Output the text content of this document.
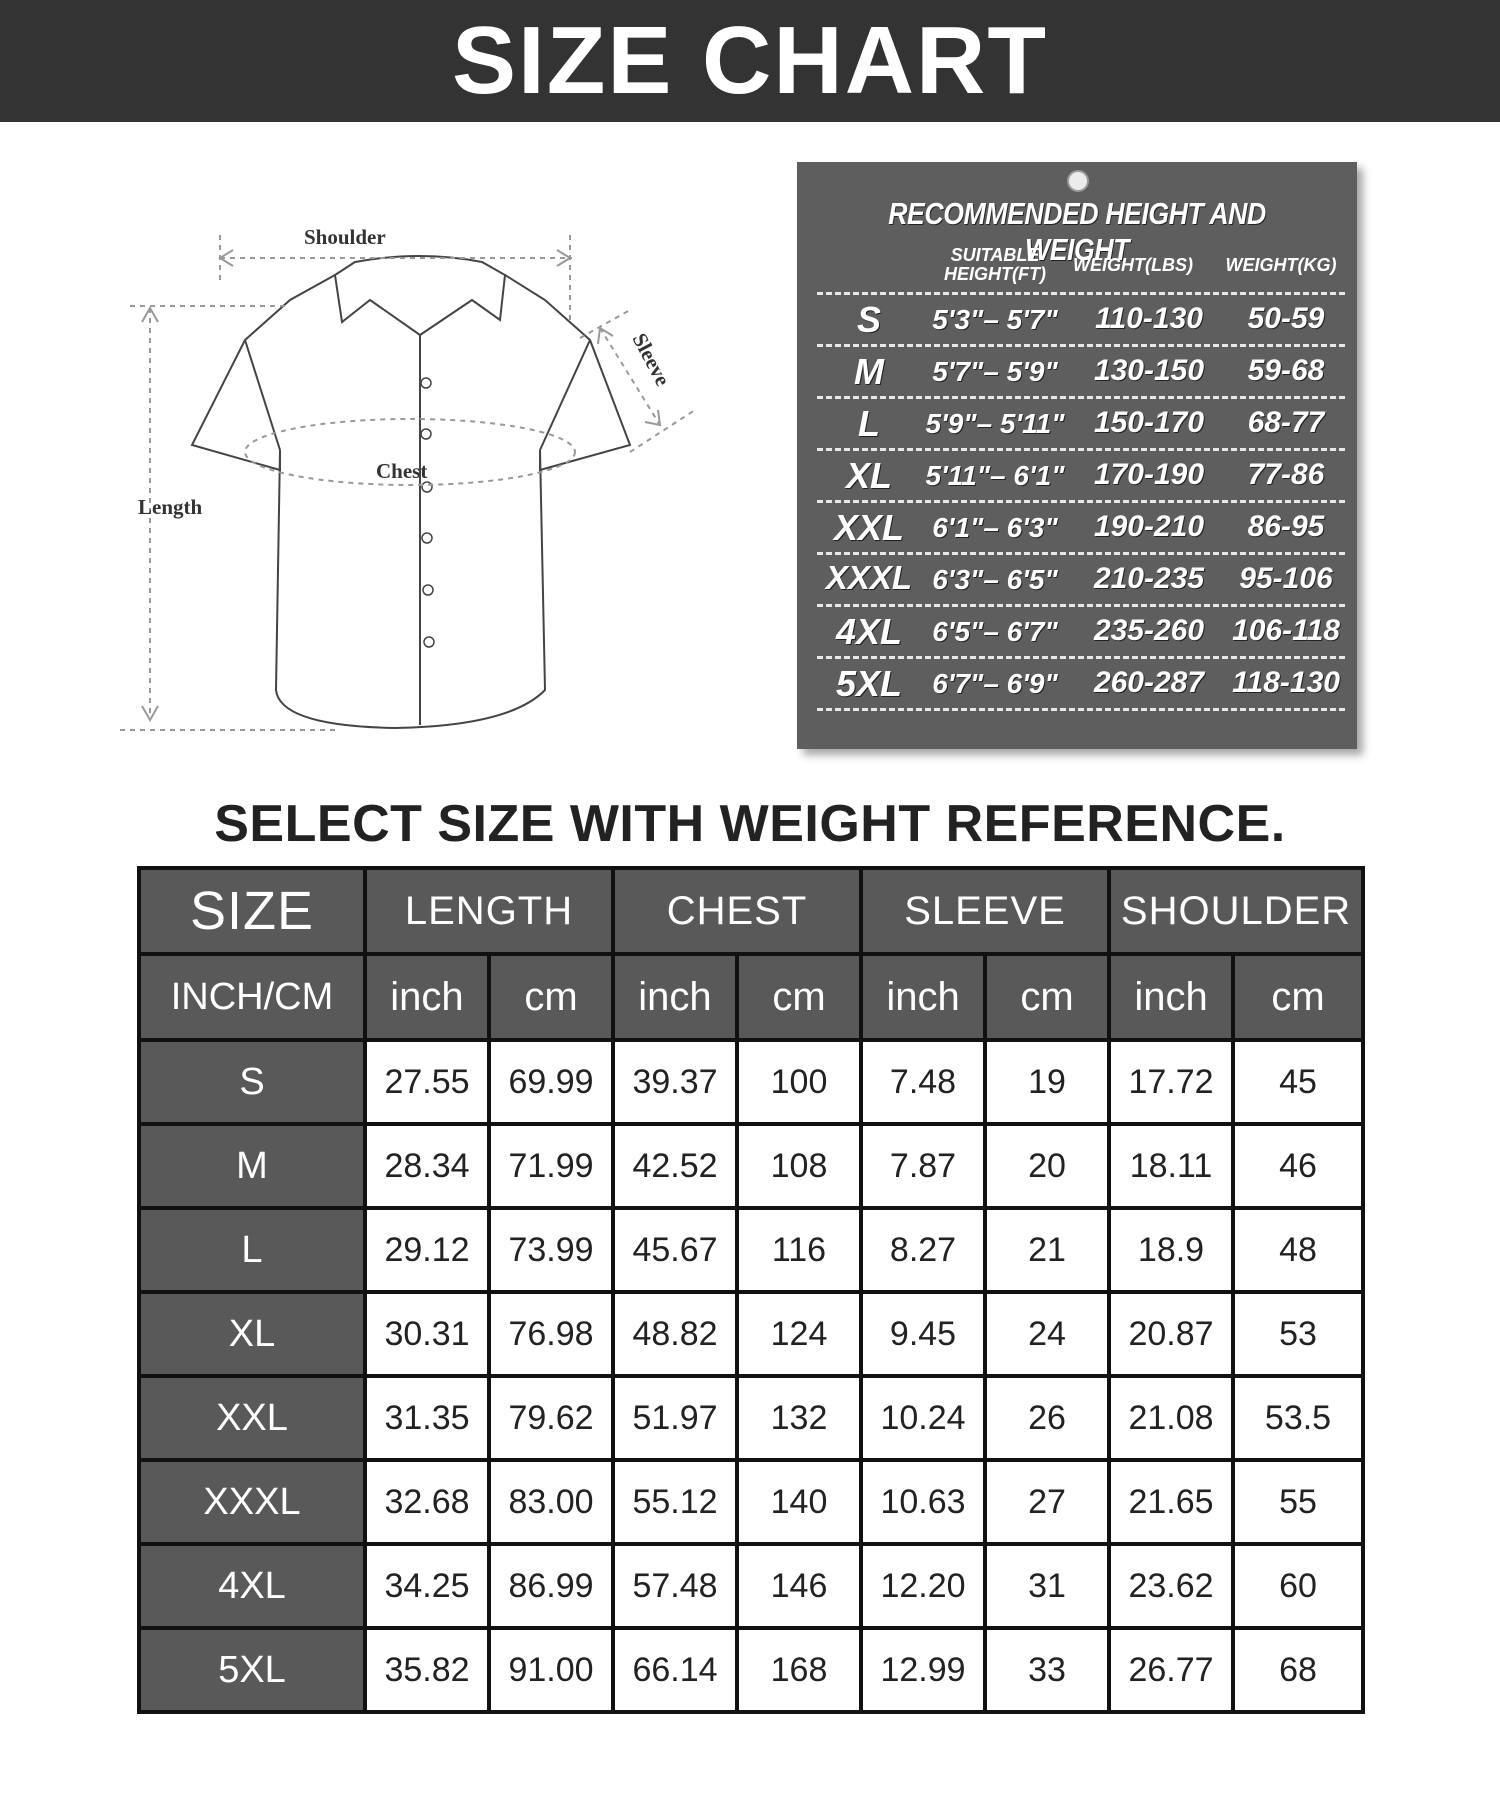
SIZE CHART
Shoulder
Sleeve
Chest
Length
RECOMMENDED HEIGHT AND WEIGHT
SUITABLE
HEIGHT(FT)	WEIGHT(LBS)	WEIGHT(KG)
S	5'3"– 5'7"	110-130	50-59
M	5'7"– 5'9"	130-150	59-68
L	5'9"– 5'11" 150-170	68-77
XL	5'11"– 6'1" 170-190	77-86
XXL	6'1"– 6'3"	190-210	86-95
XXXL 6'3"– 6'5"	210-235	95-106
4XL	6'5"– 6'7"	235-260 106-118
5XL	6'7"– 6'9"	260-287 118-130
SELECT SIZE WITH WEIGHT REFERENCE.
SIZE	LENGTH		CHEST		SLEEVE		SHOULDER	
INCH/CM	inch	cm	inch	cm	inch	cm	inch	cm
S	27.55	69.99	39.37	100	7.48	19	17.72	45
M	28.34	71.99	42.52	108	7.87	20	18.11	46
L	29.12	73.99	45.67	116	8.27	21	18.9	48
XL	30.31	76.98	48.82	124	9.45	24	20.87	53
XXL	31.35	79.62	51.97	132	10.24	26	21.08	53.5
XXXL	32.68	83.00	55.12	140	10.63	27	21.65	55
4XL	34.25	86.99	57.48	146	12.20	31	23.62	60
5XL	35.82	91.00	66.14	168	12.99	33	26.77	68
